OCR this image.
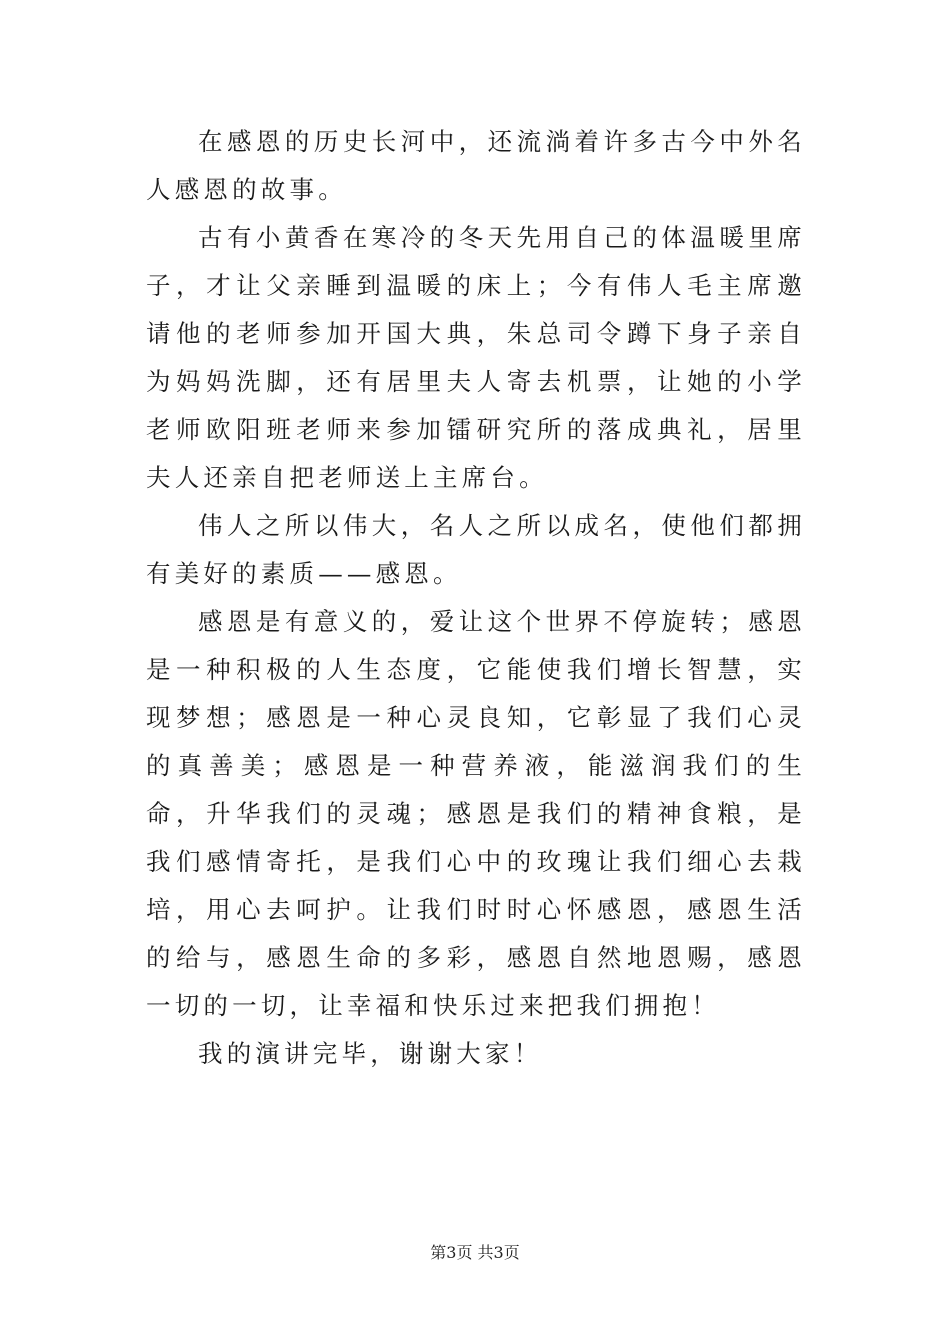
在感恩的历史长河中，还流淌着许多古今中外名人感恩的故事。

古有小黄香在寒冷的冬天先用自己的体温暖里席子，才让父亲睡到温暖的床上；今有伟人毛主席邀请他的老师参加开国大典，朱总司令蹲下身子亲自为妈妈洗脚，还有居里夫人寄去机票，让她的小学老师欧阳班老师来参加镭研究所的落成典礼，居里夫人还亲自把老师送上主席台。

伟人之所以伟大，名人之所以成名，使他们都拥有美好的素质——感恩。

感恩是有意义的，爱让这个世界不停旋转；感恩是一种积极的人生态度，它能使我们增长智慧，实现梦想；感恩是一种心灵良知，它彰显了我们心灵的真善美；感恩是一种营养液，能滋润我们的生命，升华我们的灵魂；感恩是我们的精神食粮，是我们感情寄托，是我们心中的玫瑰让我们细心去栽培，用心去呵护。让我们时时心怀感恩，感恩生活的给与，感恩生命的多彩，感恩自然地恩赐，感恩一切的一切，让幸福和快乐过来把我们拥抱！

我的演讲完毕，谢谢大家！

第3页 共3页
